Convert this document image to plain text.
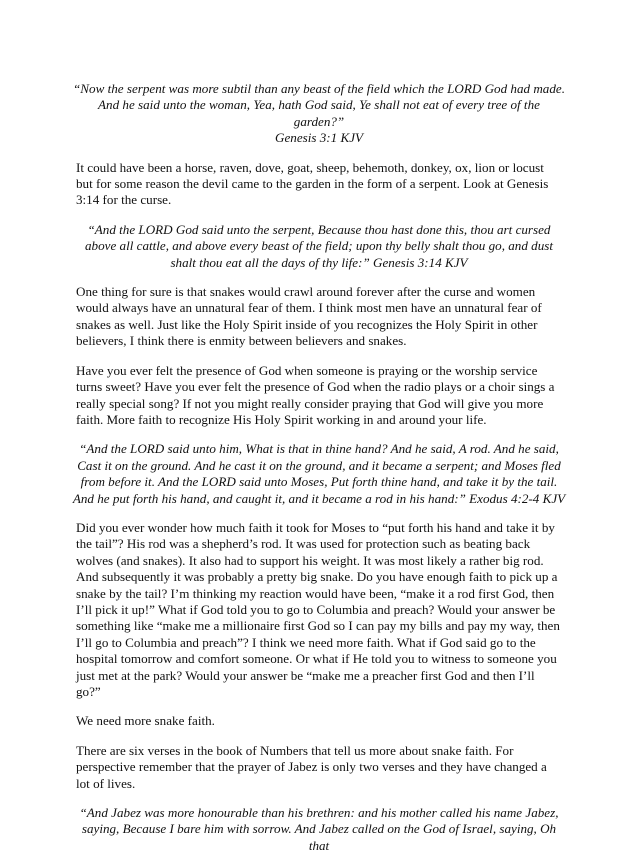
“Now the serpent was more subtil than any beast of the field which the LORD God had made. And he said unto the woman, Yea, hath God said, Ye shall not eat of every tree of the garden?”
Genesis 3:1 KJV

It could have been a horse, raven, dove, goat, sheep, behemoth, donkey, ox, lion or locust but for some reason the devil came to the garden in the form of a serpent. Look at Genesis 3:14 for the curse.

“And the LORD God said unto the serpent, Because thou hast done this, thou art cursed above all cattle, and above every beast of the field; upon thy belly shalt thou go, and dust shalt thou eat all the days of thy life:” Genesis 3:14 KJV

One thing for sure is that snakes would crawl around forever after the curse and women would always have an unnatural fear of them. I think most men have an unnatural fear of snakes as well. Just like the Holy Spirit inside of you recognizes the Holy Spirit in other believers, I think there is enmity between believers and snakes.

Have you ever felt the presence of God when someone is praying or the worship service turns sweet? Have you ever felt the presence of God when the radio plays or a choir sings a really special song? If not you might really consider praying that God will give you more faith. More faith to recognize His Holy Spirit working in and around your life.

“And the LORD said unto him, What is that in thine hand? And he said, A rod. And he said, Cast it on the ground. And he cast it on the ground, and it became a serpent; and Moses fled from before it. And the LORD said unto Moses, Put forth thine hand, and take it by the tail. And he put forth his hand, and caught it, and it became a rod in his hand:” Exodus 4:2-4 KJV

Did you ever wonder how much faith it took for Moses to “put forth his hand and take it by the tail”? His rod was a shepherd’s rod. It was used for protection such as beating back wolves (and snakes). It also had to support his weight. It was most likely a rather big rod. And subsequently it was probably a pretty big snake. Do you have enough faith to pick up a snake by the tail? I’m thinking my reaction would have been, “make it a rod first God, then I’ll pick it up!” What if God told you to go to Columbia and preach? Would your answer be something like “make me a millionaire first God so I can pay my bills and pay my way, then I’ll go to Columbia and preach”? I think we need more faith. What if God said go to the hospital tomorrow and comfort someone. Or what if He told you to witness to someone you just met at the park? Would your answer be “make me a preacher first God and then I’ll go?”

We need more snake faith.

There are six verses in the book of Numbers that tell us more about snake faith. For perspective remember that the prayer of Jabez is only two verses and they have changed a lot of lives.

“And Jabez was more honourable than his brethren: and his mother called his name Jabez, saying, Because I bare him with sorrow. And Jabez called on the God of Israel, saying, Oh that
